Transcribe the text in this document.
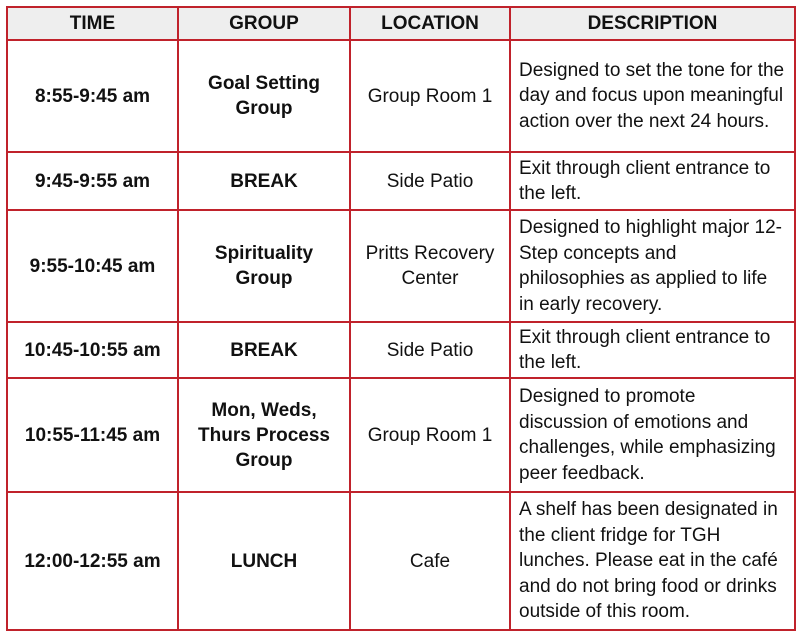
TIME	GROUP	LOCATION	DESCRIPTION
8:55-9:45 am	Goal Setting Group	Group Room 1	Designed to set the tone for the day and focus upon meaningful action over the next 24 hours.
9:45-9:55 am	BREAK	Side Patio	Exit through client entrance to the left.
9:55-10:45 am	Spirituality Group	Pritts Recovery Center	Designed to highlight major 12-Step concepts and philosophies as applied to life in early recovery.
10:45-10:55 am	BREAK	Side Patio	Exit through client entrance to the left.
10:55-11:45 am	Mon, Weds, Thurs Process Group	Group Room 1	Designed to promote discussion of emotions and challenges, while emphasizing peer feedback.
12:00-12:55 am	LUNCH	Cafe	A shelf has been designated in the client fridge for TGH lunches. Please eat in the café and do not bring food or drinks outside of this room.
